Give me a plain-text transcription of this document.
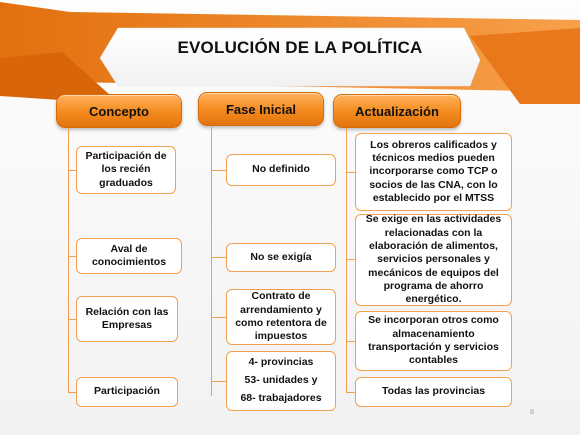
EVOLUCIÓN DE LA POLÍTICA
Concepto	Fase Inicial	Actualización
Participación de los recién graduados
Aval de conocimientos
Relación con las Empresas
Participación
No definido
No se exigía
Contrato de arrendamiento y como retentora de impuestos
4- provincias
53- unidades y
68- trabajadores
Los obreros calificados y técnicos medios pueden incorporarse como TCP o socios de las CNA, con lo establecido por el MTSS
Se exige en las actividades relacionadas con la elaboración de alimentos, servicios personales y mecánicos de equipos del programa de ahorro energético.
Se incorporan otros como almacenamiento transportación y servicios contables
Todas las provincias
8
